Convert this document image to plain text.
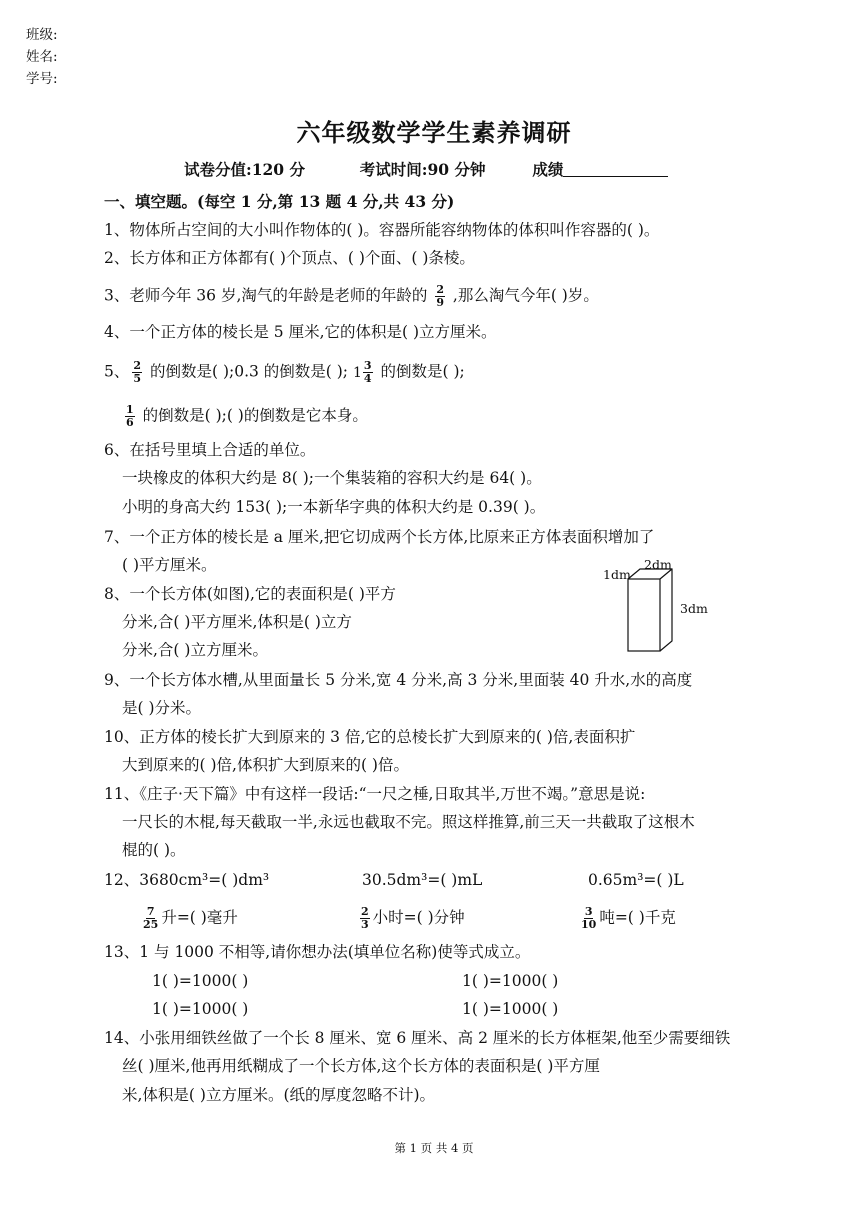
班级:
姓名:
学号:
六年级数学学生素养调研
试卷分值:120 分	考试时间:90 分钟	成绩
一、填空题。(每空 1 分,第 13 题 4 分,共 43 分)
1、物体所占空间的大小叫作物体的( )。容器所能容纳物体的体积叫作容器的( )。
2、长方体和正方体都有( )个顶点、( )个面、( )条棱。
3、老师今年 36 岁,淘气的年龄是老师的年龄的 $\frac{2}{9}$ ,那么淘气今年( )岁。
4、一个正方体的棱长是 5 厘米,它的体积是( )立方厘米。
5、 $\frac{2}{5}$ 的倒数是( );0.3 的倒数是( ); $1 \frac{3}{4}$ 的倒数是( );
$\frac{1}{6}$ 的倒数是( );( )的倒数是它本身。
6、在括号里填上合适的单位。
一块橡皮的体积大约是 8( );一个集装箱的容积大约是 64( )。
小明的身高大约 153( );一本新华字典的体积大约是 0.39( )。
7、一个正方体的棱长是 a 厘米,把它切成两个长方体,比原来正方体表面积增加了
( )平方厘米。
8、一个长方体(如图),它的表面积是( )平方
分米,合( )平方厘米,体积是( )立方
分米,合( )立方厘米。
1dm
2dm
3dm
9、一个长方体水槽,从里面量长 5 分米,宽 4 分米,高 3 分米,里面装 40 升水,水的高度
是( )分米。
10、正方体的棱长扩大到原来的 3 倍,它的总棱长扩大到原来的( )倍,表面积扩
大到原来的( )倍,体积扩大到原来的( )倍。
11、《庄子·天下篇》中有这样一段话:“一尺之棰,日取其半,万世不竭。”意思是说:
一尺长的木棍,每天截取一半,永远也截取不完。照这样推算,前三天一共截取了这根木
棍的( )。
12、3680cm³=( )dm³	30.5dm³=( )mL	0.65m³=( )L
$\frac{7}{25}$ 升=( )毫升	$\frac{2}{3}$ 小时=( )分钟	$\frac{3}{10}$ 吨=( )千克
13、1 与 1000 不相等,请你想办法(填单位名称)使等式成立。
1( )=1000( )	1( )=1000( )
1( )=1000( )	1( )=1000( )
14、小张用细铁丝做了一个长 8 厘米、宽 6 厘米、高 2 厘米的长方体框架,他至少需要细铁
丝( )厘米,他再用纸糊成了一个长方体,这个长方体的表面积是( )平方厘
米,体积是( )立方厘米。(纸的厚度忽略不计)。
第 1 页 共 4 页
